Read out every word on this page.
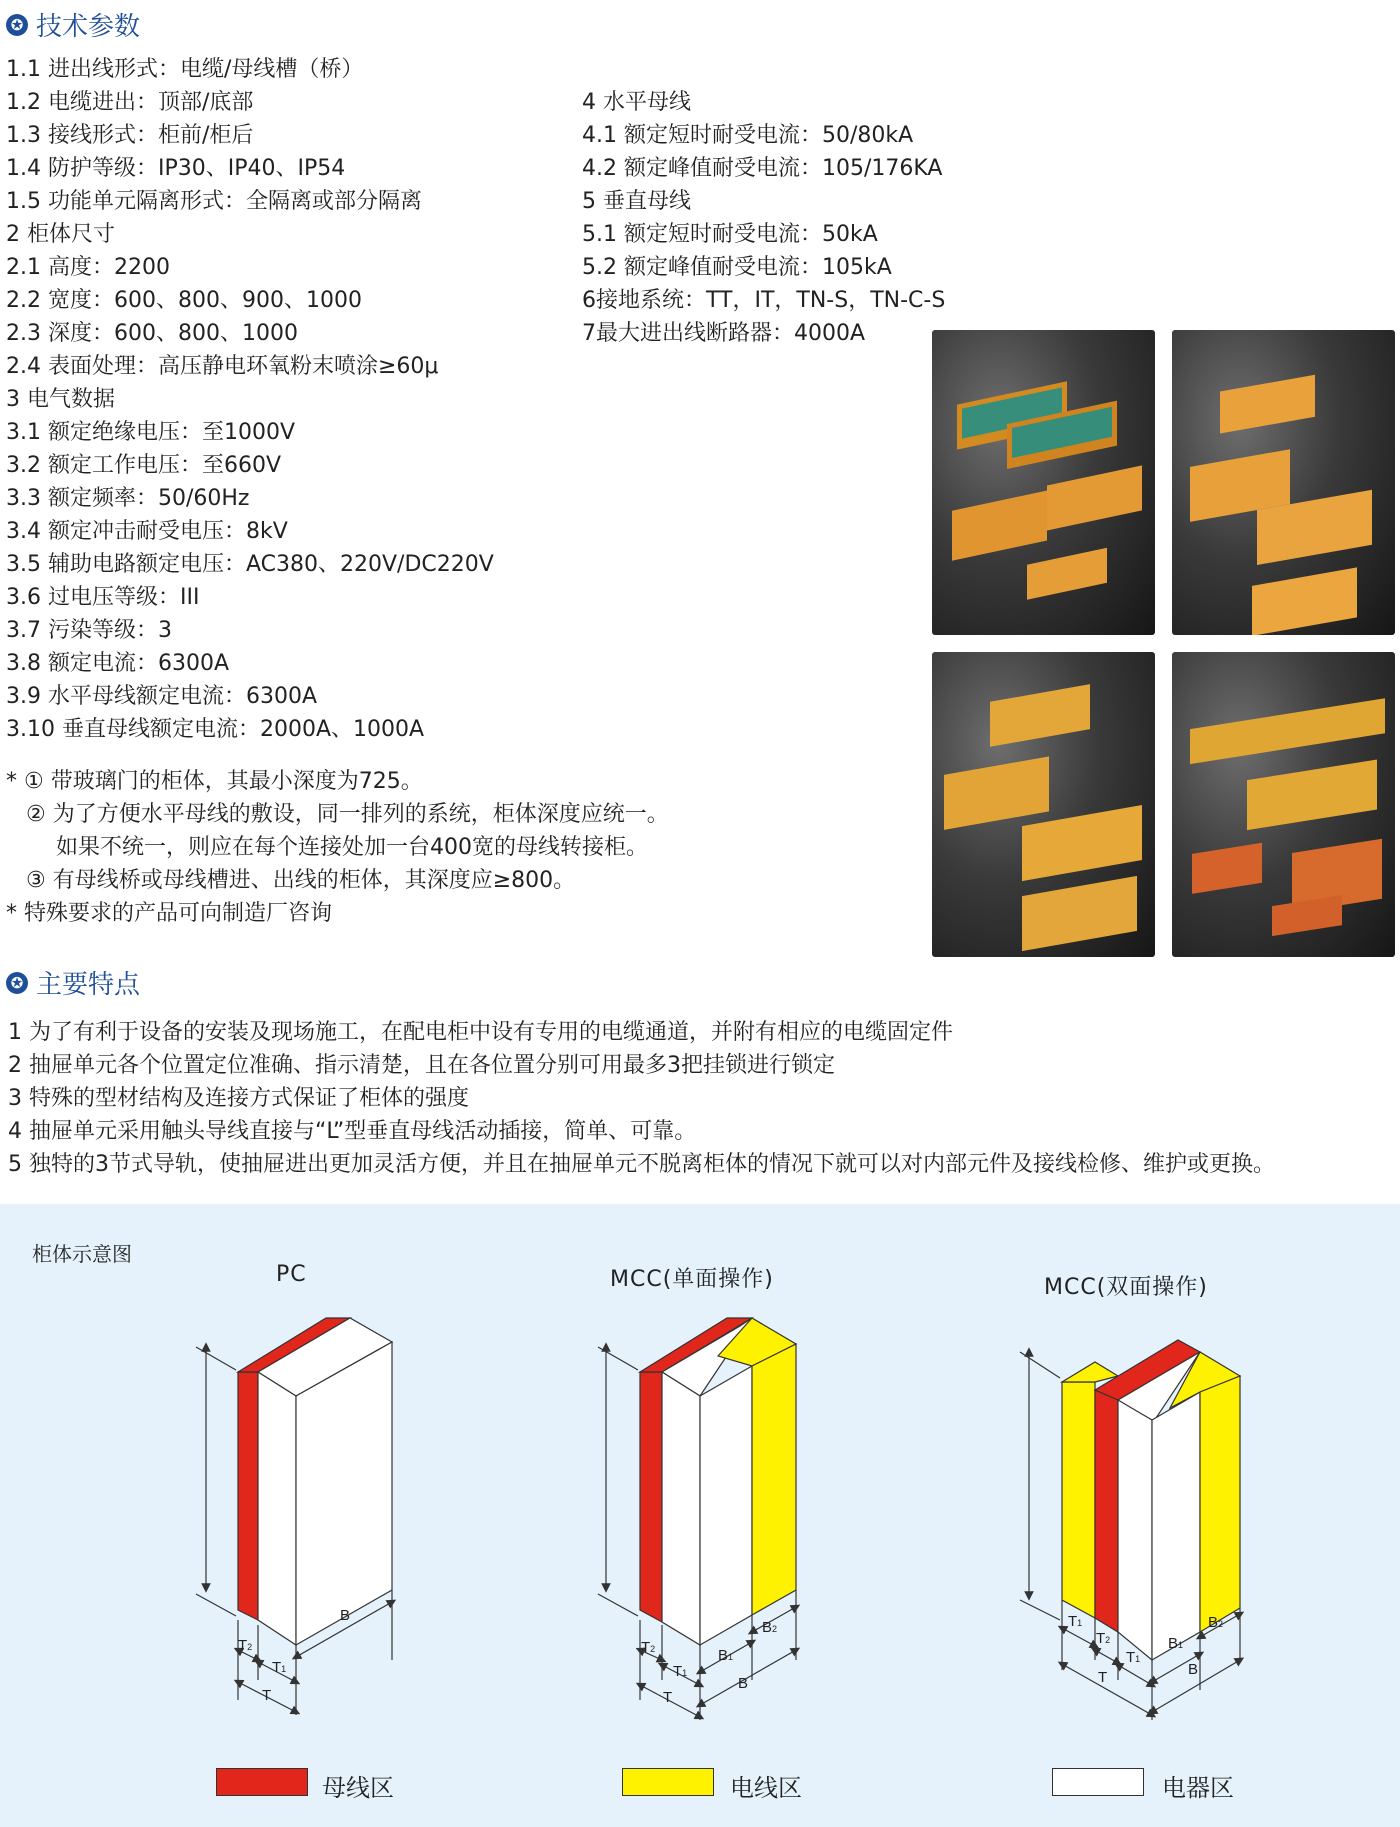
✪ 技术参数
1.1 进出线形式：电缆/母线槽（桥）
1.2 电缆进出：顶部/底部
1.3 接线形式：柜前/柜后
1.4 防护等级：IP30、IP40、IP54
1.5 功能单元隔离形式：全隔离或部分隔离
2 柜体尺寸
2.1 高度：2200
2.2 宽度：600、800、900、1000
2.3 深度：600、800、1000
2.4 表面处理：高压静电环氧粉末喷涂≥60μ
3 电气数据
3.1 额定绝缘电压：至1000V
3.2 额定工作电压：至660V
3.3 额定频率：50/60Hz
3.4 额定冲击耐受电压：8kV
3.5 辅助电路额定电压：AC380、220V/DC220V
3.6 过电压等级：III
3.7 污染等级：3
3.8 额定电流：6300A
3.9 水平母线额定电流：6300A
3.10 垂直母线额定电流：2000A、1000A
4 水平母线
4.1 额定短时耐受电流：50/80kA
4.2 额定峰值耐受电流：105/176KA
5 垂直母线
5.1 额定短时耐受电流：50kA
5.2 额定峰值耐受电流：105kA
6接地系统：TT，IT，TN-S，TN-C-S
7最大进出线断路器：4000A
* ① 带玻璃门的柜体，其最小深度为725。
② 为了方便水平母线的敷设，同一排列的系统，柜体深度应统一。
如果不统一，则应在每个连接处加一台400宽的母线转接柜。
③ 有母线桥或母线槽进、出线的柜体，其深度应≥800。
* 特殊要求的产品可向制造厂咨询
✪ 主要特点
1 为了有利于设备的安装及现场施工，在配电柜中设有专用的电缆通道，并附有相应的电缆固定件
2 抽屉单元各个位置定位准确、指示清楚，且在各位置分别可用最多3把挂锁进行锁定
3 特殊的型材结构及连接方式保证了柜体的强度
4 抽屉单元采用触头导线直接与“L”型垂直母线活动插接，简单、可靠。
5 独特的3节式导轨，使抽屉进出更加灵活方便，并且在抽屉单元不脱离柜体的情况下就可以对内部元件及接线检修、维护或更换。
柜体示意图
PC	MCC(单面操作)	MCC(双面操作)
T2
T1
T
B
T2
T1
T
B1
B2
B
T1
T2
T1
T
B1
B2
B
母线区	电线区	电器区
